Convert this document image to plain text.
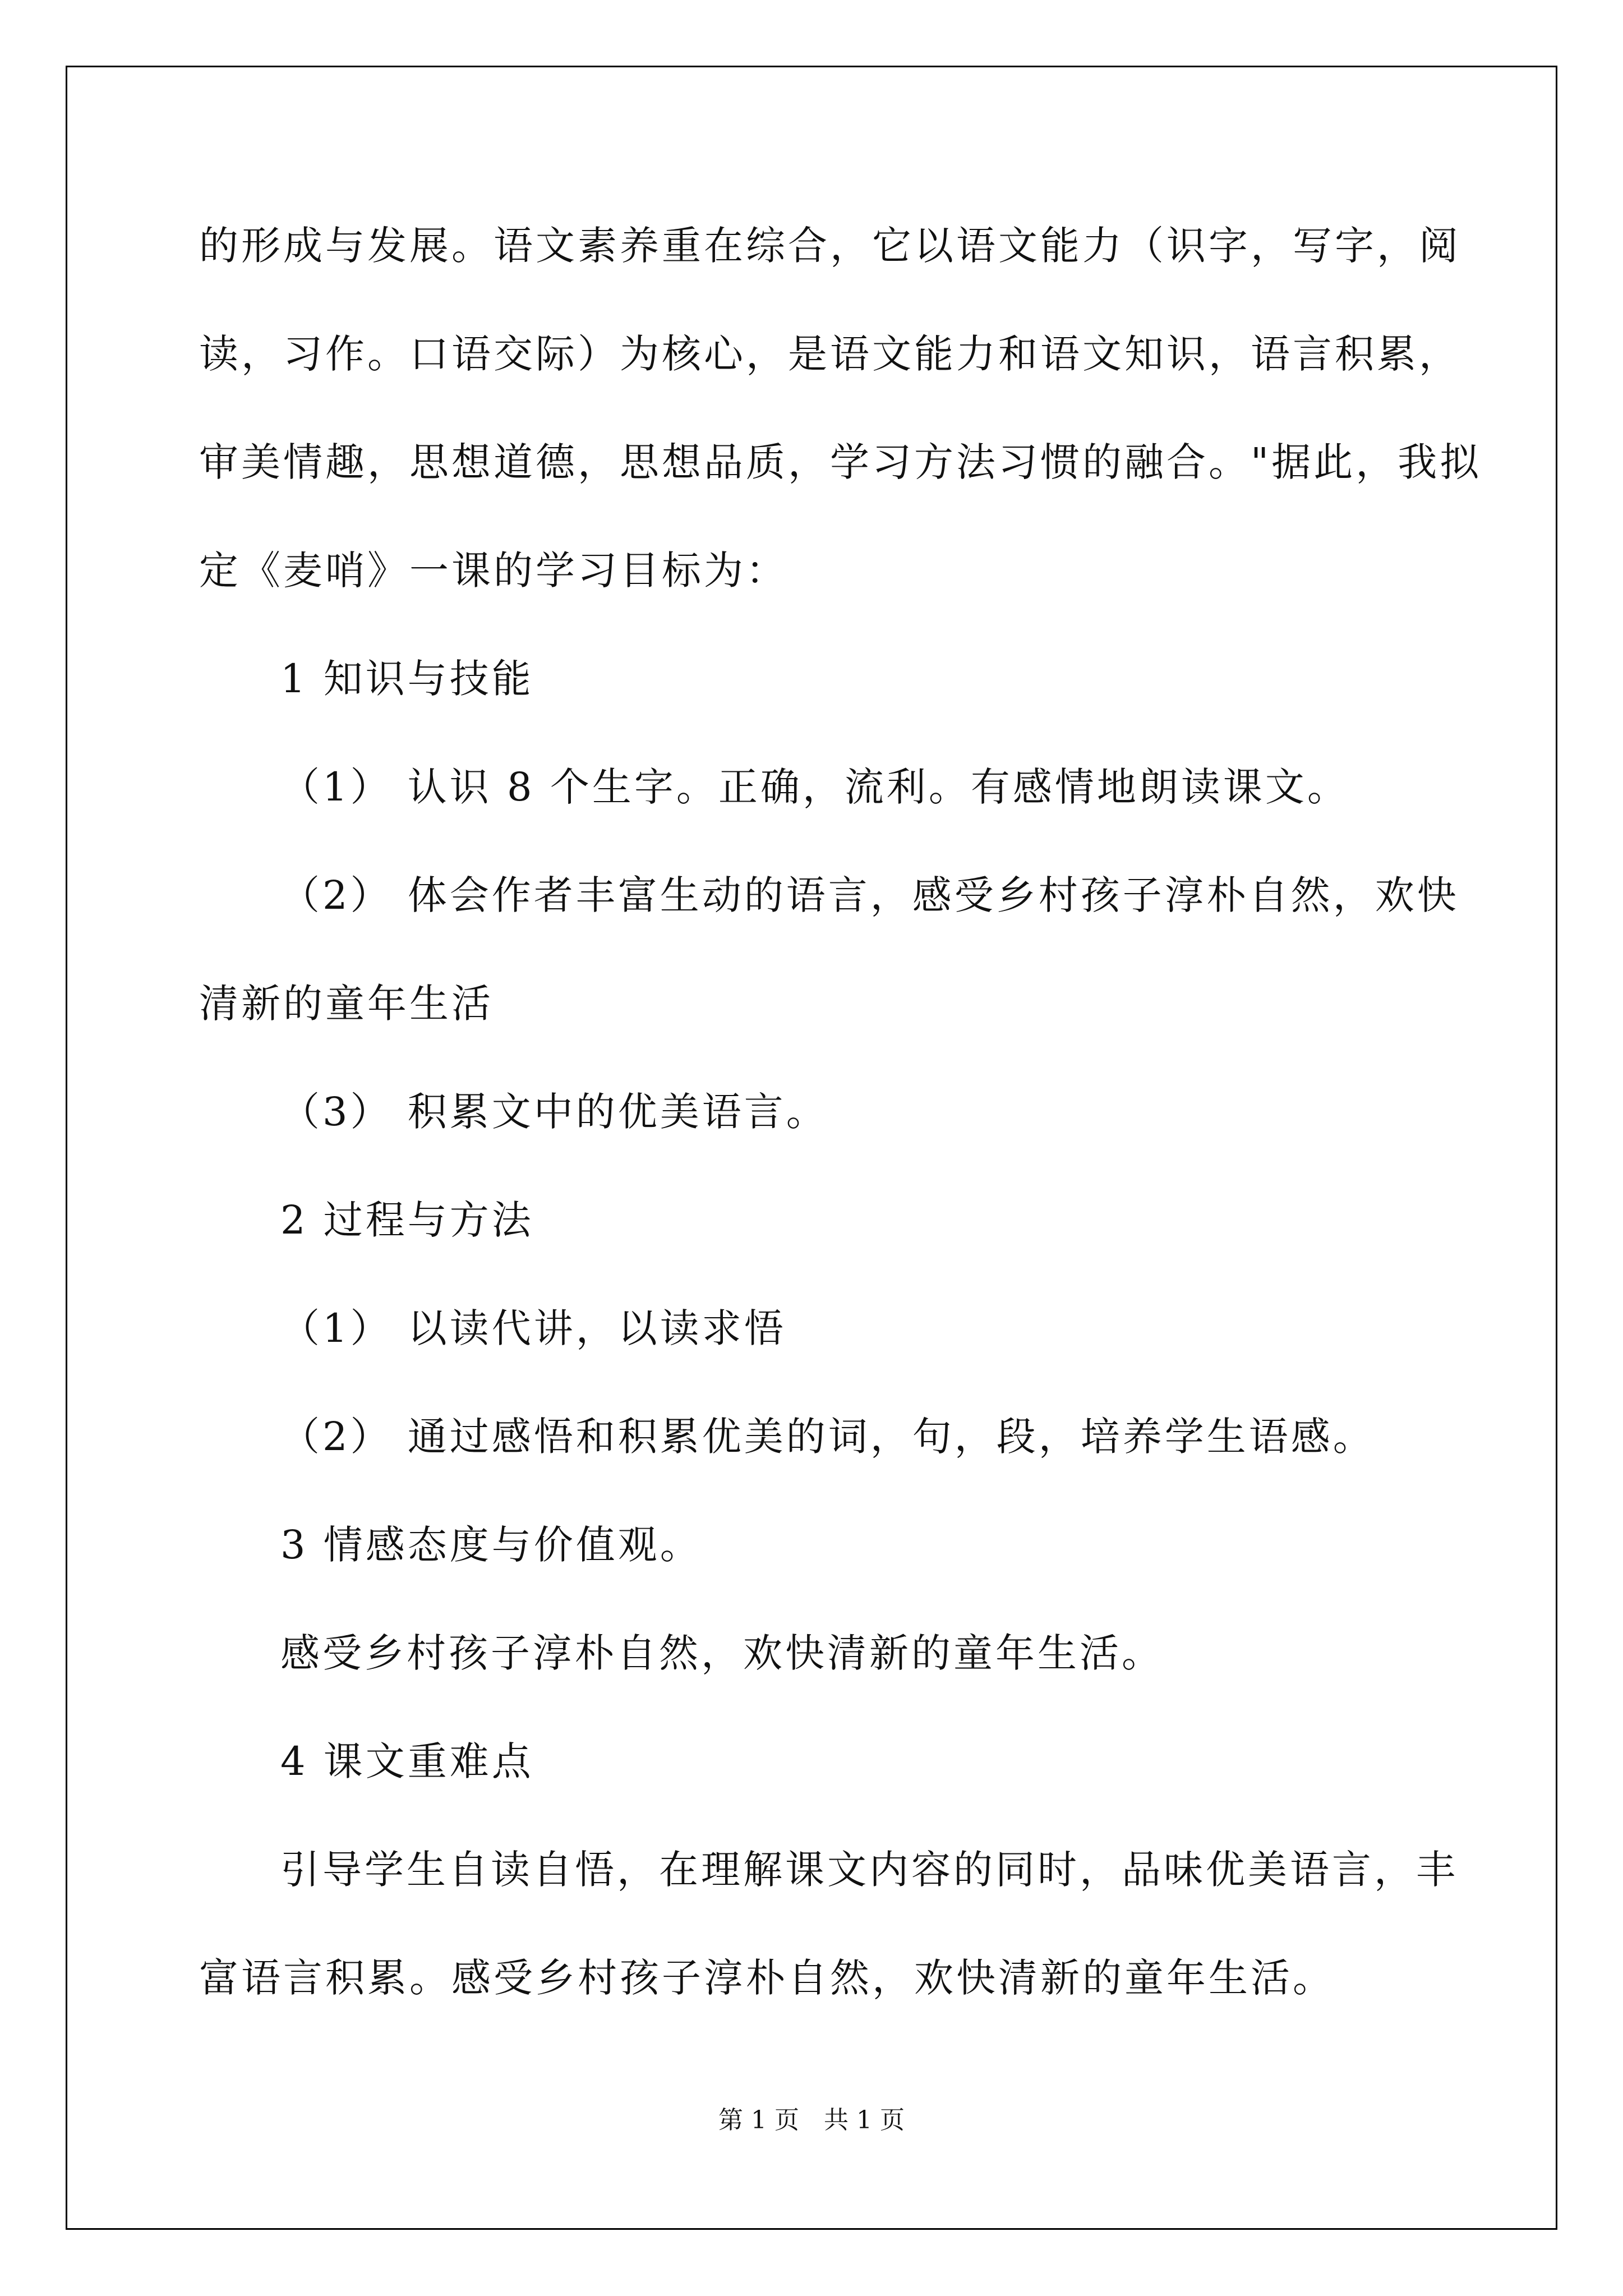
的形成与发展。语文素养重在综合，它以语文能力（识字，写字，阅
读，习作。口语交际）为核心，是语文能力和语文知识，语言积累，
审美情趣，思想道德，思想品质，学习方法习惯的融合。"据此，我拟
定《麦哨》一课的学习目标为：
1 知识与技能
（1） 认识 8 个生字。正确，流利。有感情地朗读课文。
（2） 体会作者丰富生动的语言，感受乡村孩子淳朴自然，欢快
清新的童年生活
（3） 积累文中的优美语言。
2 过程与方法
（1） 以读代讲，以读求悟
（2） 通过感悟和积累优美的词，句，段，培养学生语感。
3 情感态度与价值观。
感受乡村孩子淳朴自然，欢快清新的童年生活。
4 课文重难点
引导学生自读自悟，在理解课文内容的同时，品味优美语言，丰
富语言积累。感受乡村孩子淳朴自然，欢快清新的童年生活。
第 1 页　共 1 页
